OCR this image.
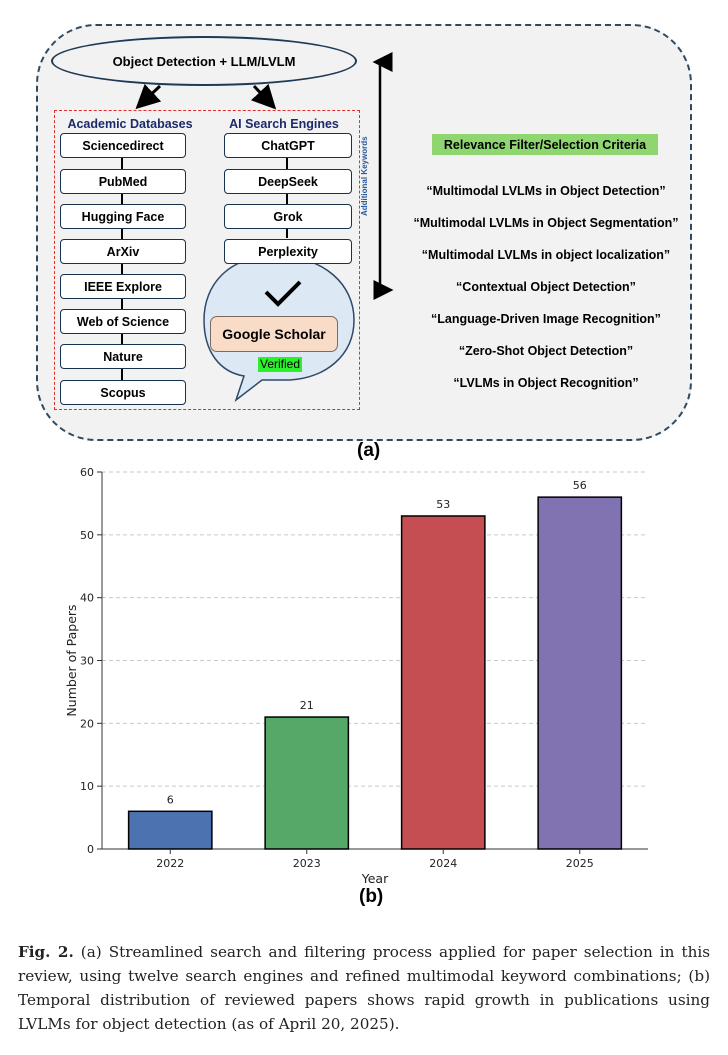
Object Detection + LLM/LVLM
Academic Databases	AI Search Engines
Sciencedirect
PubMed
Hugging Face
ArXiv
IEEE Explore
Web of Science
Nature
Scopus
ChatGPT
DeepSeek
Grok
Perplexity
Google Scholar
Verified
Additional Keywords	Relevance Filter/Selection Criteria
“Multimodal LVLMs in Object Detection”
“Multimodal LVLMs in Object Segmentation”
“Multimodal LVLMs in object localization”
“Contextual Object Detection”
“Language-Driven Image Recognition”
“Zero-Shot Object Detection”
“LVLMs in Object Recognition”
(a)
0
10
20
30
40
50
60
6
2022
21
2023
53
2024
56
2025
Year
Number of Papers
(b)
Fig. 2. (a) Streamlined search and filtering process applied for paper selection in this review, using twelve search engines and refined multimodal keyword combinations; (b) Temporal distribution of reviewed papers shows rapid growth in publications using LVLMs for object detection (as of April 20, 2025).
